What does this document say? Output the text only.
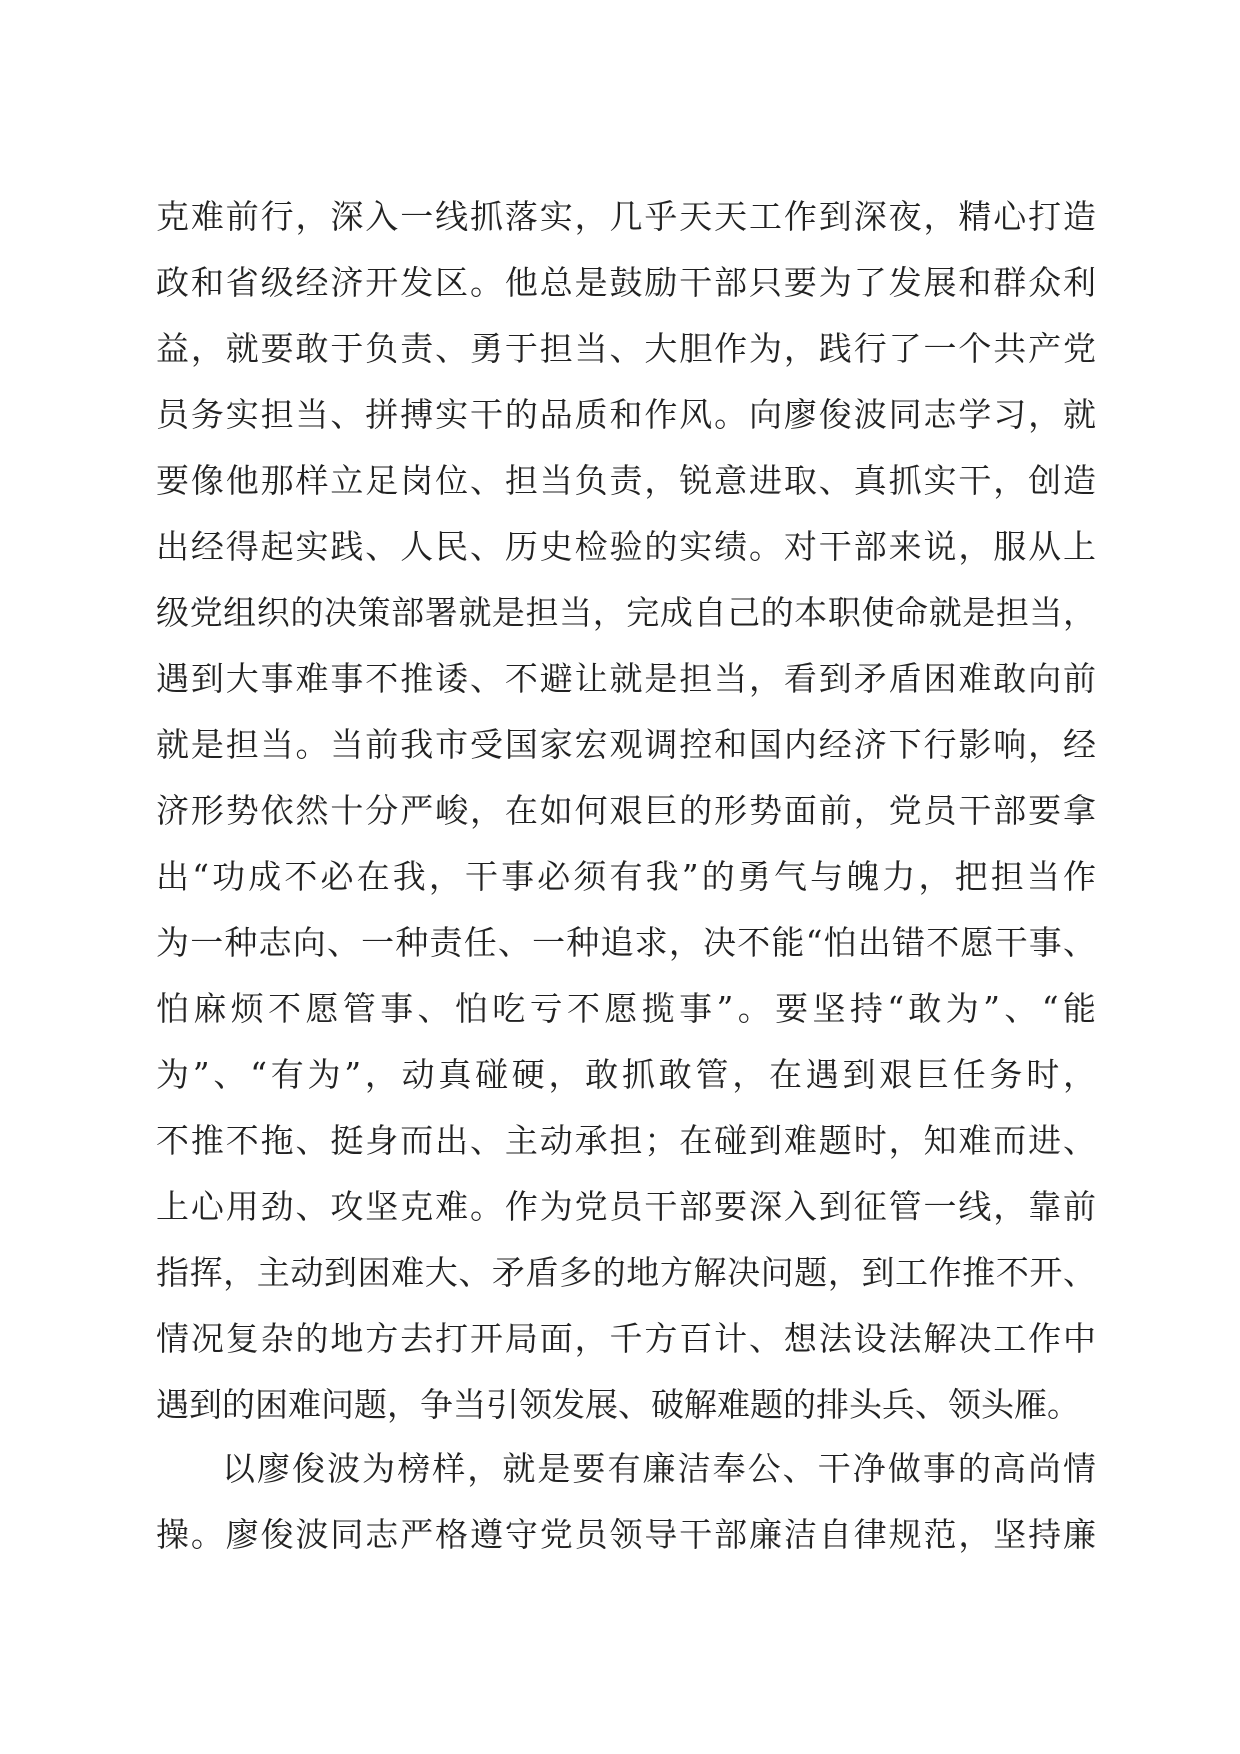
克难前行，深入一线抓落实，几乎天天工作到深夜，精心打造
政和省级经济开发区。他总是鼓励干部只要为了发展和群众利
益，就要敢于负责、勇于担当、大胆作为，践行了一个共产党
员务实担当、拼搏实干的品质和作风。向廖俊波同志学习，就
要像他那样立足岗位、担当负责，锐意进取、真抓实干，创造
出经得起实践、人民、历史检验的实绩。对干部来说，服从上
级党组织的决策部署就是担当，完成自己的本职使命就是担当，
遇到大事难事不推诿、不避让就是担当，看到矛盾困难敢向前
就是担当。当前我市受国家宏观调控和国内经济下行影响，经
济形势依然十分严峻，在如何艰巨的形势面前，党员干部要拿
出“功成不必在我，干事必须有我”的勇气与魄力，把担当作
为一种志向、一种责任、一种追求，决不能“怕出错不愿干事、
怕麻烦不愿管事、怕吃亏不愿揽事”。要坚持“敢为”、“能
为”、“有为”，动真碰硬，敢抓敢管，在遇到艰巨任务时，
不推不拖、挺身而出、主动承担；在碰到难题时，知难而进、
上心用劲、攻坚克难。作为党员干部要深入到征管一线，靠前
指挥，主动到困难大、矛盾多的地方解决问题，到工作推不开、
情况复杂的地方去打开局面，千方百计、想法设法解决工作中
遇到的困难问题，争当引领发展、破解难题的排头兵、领头雁。
以廖俊波为榜样，就是要有廉洁奉公、干净做事的高尚情
操。廖俊波同志严格遵守党员领导干部廉洁自律规范，坚持廉
